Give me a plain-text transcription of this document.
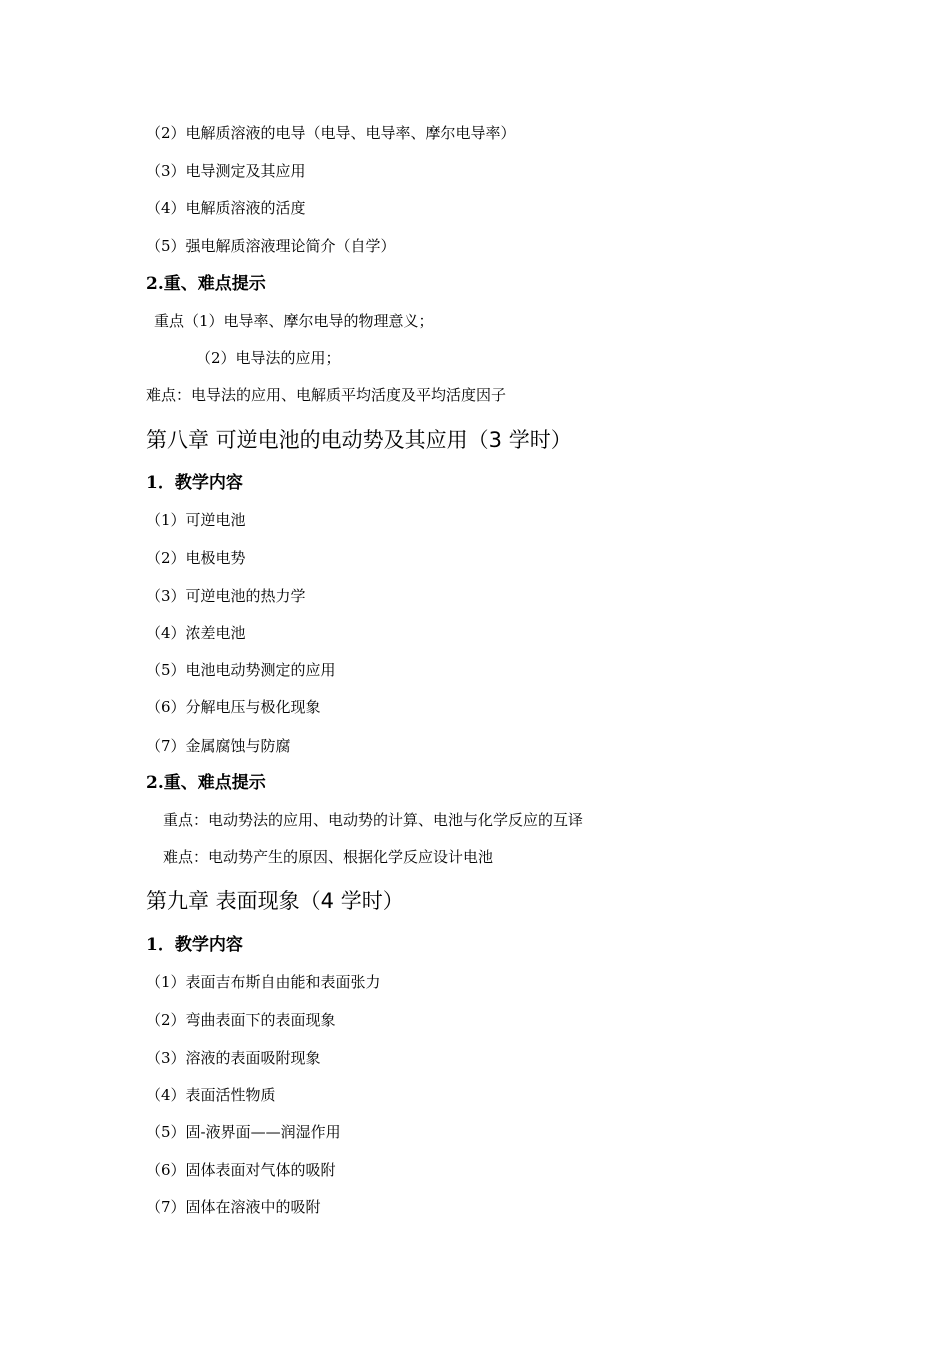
（2）电解质溶液的电导（电导、电导率、摩尔电导率）
（3）电导测定及其应用
（4）电解质溶液的活度
（5）强电解质溶液理论简介（自学）
2.重、难点提示
重点（1）电导率、摩尔电导的物理意义；
（2）电导法的应用；
难点：电导法的应用、电解质平均活度及平均活度因子
第八章 可逆电池的电动势及其应用（3 学时）
1．教学内容
（1）可逆电池
（2）电极电势
（3）可逆电池的热力学
（4）浓差电池
（5）电池电动势测定的应用
（6）分解电压与极化现象
（7）金属腐蚀与防腐
2.重、难点提示
重点：电动势法的应用、电动势的计算、电池与化学反应的互译
难点：电动势产生的原因、根据化学反应设计电池
第九章 表面现象（4 学时）
1．教学内容
（1）表面吉布斯自由能和表面张力
（2）弯曲表面下的表面现象
（3）溶液的表面吸附现象
（4）表面活性物质
（5）固-液界面——润湿作用
（6）固体表面对气体的吸附
（7）固体在溶液中的吸附
